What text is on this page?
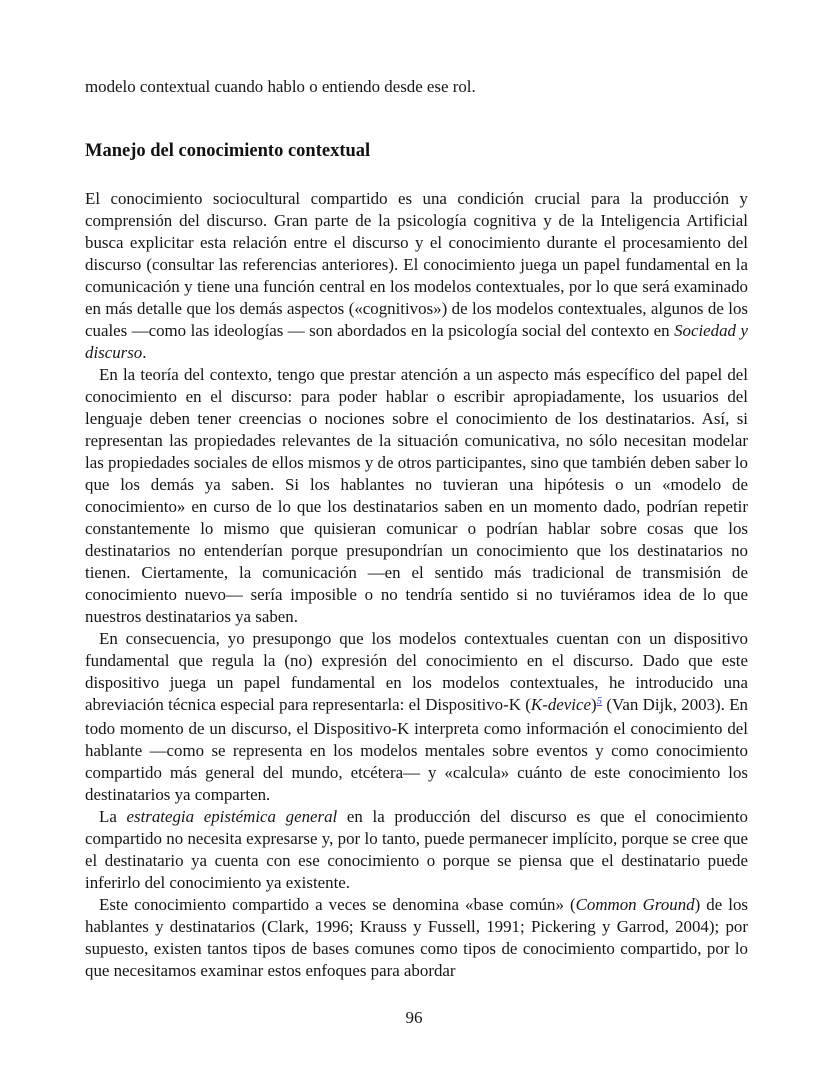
modelo contextual cuando hablo o entiendo desde ese rol.

Manejo del conocimiento contextual

El conocimiento sociocultural compartido es una condición crucial para la producción y comprensión del discurso. Gran parte de la psicología cognitiva y de la Inteligencia Artificial busca explicitar esta relación entre el discurso y el conocimiento durante el procesamiento del discurso (consultar las referencias anteriores). El conocimiento juega un papel fundamental en la comunicación y tiene una función central en los modelos contextuales, por lo que será examinado en más detalle que los demás aspectos («cognitivos») de los modelos contextuales, algunos de los cuales —como las ideologías — son abordados en la psicología social del contexto en Sociedad y discurso.

En la teoría del contexto, tengo que prestar atención a un aspecto más específico del papel del conocimiento en el discurso: para poder hablar o escribir apropiadamente, los usuarios del lenguaje deben tener creencias o nociones sobre el conocimiento de los destinatarios. Así, si representan las propiedades relevantes de la situación comunicativa, no sólo necesitan modelar las propiedades sociales de ellos mismos y de otros participantes, sino que también deben saber lo que los demás ya saben. Si los hablantes no tuvieran una hipótesis o un «modelo de conocimiento» en curso de lo que los destinatarios saben en un momento dado, podrían repetir constantemente lo mismo que quisieran comunicar o podrían hablar sobre cosas que los destinatarios no entenderían porque presupondrían un conocimiento que los destinatarios no tienen. Ciertamente, la comunicación —en el sentido más tradicional de transmisión de conocimiento nuevo— sería imposible o no tendría sentido si no tuviéramos idea de lo que nuestros destinatarios ya saben.

En consecuencia, yo presupongo que los modelos contextuales cuentan con un dispositivo fundamental que regula la (no) expresión del conocimiento en el discurso. Dado que este dispositivo juega un papel fundamental en los modelos contextuales, he introducido una abreviación técnica especial para representarla: el Dispositivo-K (K-device)$^5$ (Van Dijk, 2003). En todo momento de un discurso, el Dispositivo-K interpreta como información el conocimiento del hablante —como se representa en los modelos mentales sobre eventos y como conocimiento compartido más general del mundo, etcétera— y «calcula» cuánto de este conocimiento los destinatarios ya comparten.

La estrategia epistémica general en la producción del discurso es que el conocimiento compartido no necesita expresarse y, por lo tanto, puede permanecer implícito, porque se cree que el destinatario ya cuenta con ese conocimiento o porque se piensa que el destinatario puede inferirlo del conocimiento ya existente.

Este conocimiento compartido a veces se denomina «base común» (Common Ground) de los hablantes y destinatarios (Clark, 1996; Krauss y Fussell, 1991; Pickering y Garrod, 2004); por supuesto, existen tantos tipos de bases comunes como tipos de conocimiento compartido, por lo que necesitamos examinar estos enfoques para abordar

96
